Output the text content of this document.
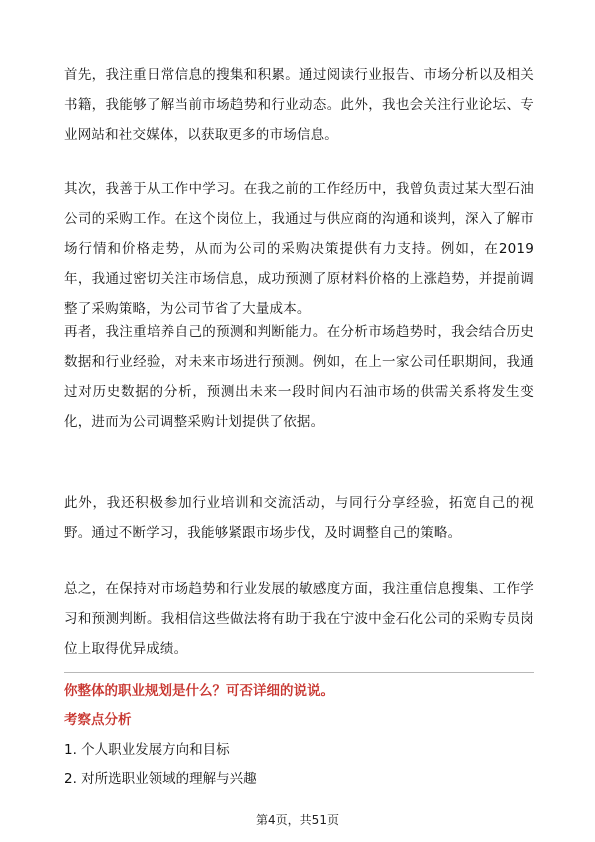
首先，我注重日常信息的搜集和积累。通过阅读行业报告、市场分析以及相关书籍，我能够了解当前市场趋势和行业动态。此外，我也会关注行业论坛、专业网站和社交媒体，以获取更多的市场信息。

其次，我善于从工作中学习。在我之前的工作经历中，我曾负责过某大型石油公司的采购工作。在这个岗位上，我通过与供应商的沟通和谈判，深入了解市场行情和价格走势，从而为公司的采购决策提供有力支持。例如，在2019年，我通过密切关注市场信息，成功预测了原材料价格的上涨趋势，并提前调整了采购策略，为公司节省了大量成本。

再者，我注重培养自己的预测和判断能力。在分析市场趋势时，我会结合历史数据和行业经验，对未来市场进行预测。例如，在上一家公司任职期间，我通过对历史数据的分析，预测出未来一段时间内石油市场的供需关系将发生变化，进而为公司调整采购计划提供了依据。

此外，我还积极参加行业培训和交流活动，与同行分享经验，拓宽自己的视野。通过不断学习，我能够紧跟市场步伐，及时调整自己的策略。

总之，在保持对市场趋势和行业发展的敏感度方面，我注重信息搜集、工作学习和预测判断。我相信这些做法将有助于我在宁波中金石化公司的采购专员岗位上取得优异成绩。

你整体的职业规划是什么？可否详细的说说。

考察点分析

1. 个人职业发展方向和目标

2. 对所选职业领域的理解与兴趣

第4页，共51页
